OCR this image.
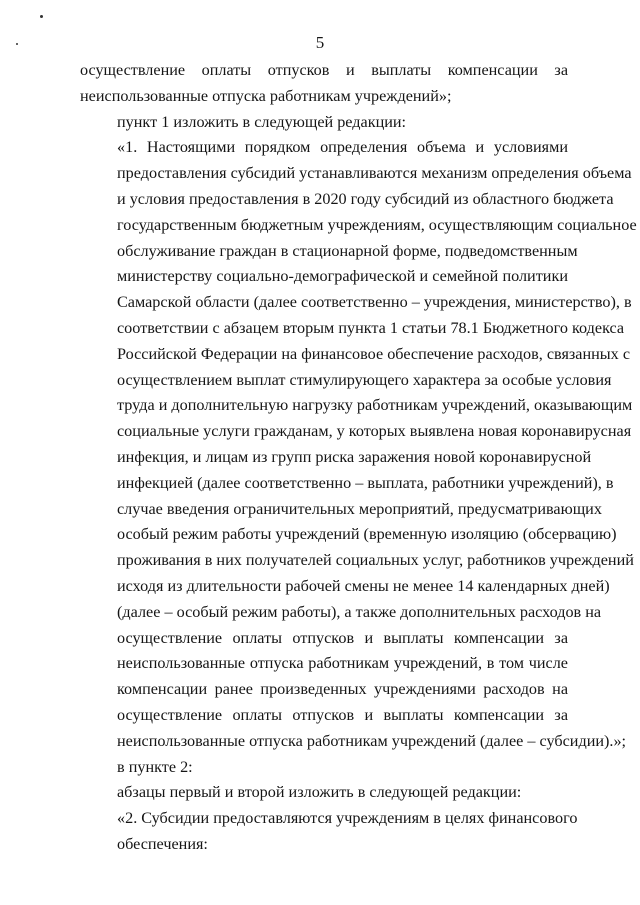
5

осуществление оплаты отпусков и выплаты компенсации за
неиспользованные отпуска работникам учреждений»;

пункт 1 изложить в следующей редакции:

«1. Настоящими порядком определения объема и условиями
предоставления субсидий устанавливаются механизм определения объема
и условия предоставления в 2020 году субсидий из областного бюджета
государственным бюджетным учреждениям, осуществляющим социальное
обслуживание граждан в стационарной форме, подведомственным
министерству социально-демографической и семейной политики
Самарской области (далее соответственно – учреждения, министерство), в
соответствии с абзацем вторым пункта 1 статьи 78.1 Бюджетного кодекса
Российской Федерации на финансовое обеспечение расходов, связанных с
осуществлением выплат стимулирующего характера за особые условия
труда и дополнительную нагрузку работникам учреждений, оказывающим
социальные услуги гражданам, у которых выявлена новая коронавирусная
инфекция, и лицам из групп риска заражения новой коронавирусной
инфекцией (далее соответственно – выплата, работники учреждений), в
случае введения ограничительных мероприятий, предусматривающих
особый режим работы учреждений (временную изоляцию (обсервацию)
проживания в них получателей социальных услуг, работников учреждений
исходя из длительности рабочей смены не менее 14 календарных дней)
(далее – особый режим работы), а также дополнительных расходов на
осуществление оплаты отпусков и выплаты компенсации за
неиспользованные отпуска работникам учреждений, в том числе
компенсации ранее произведенных учреждениями расходов на
осуществление оплаты отпусков и выплаты компенсации за
неиспользованные отпуска работникам учреждений (далее – субсидии).»;

в пункте 2:

абзацы первый и второй изложить в следующей редакции:

«2. Субсидии предоставляются учреждениям в целях финансового
обеспечения:
